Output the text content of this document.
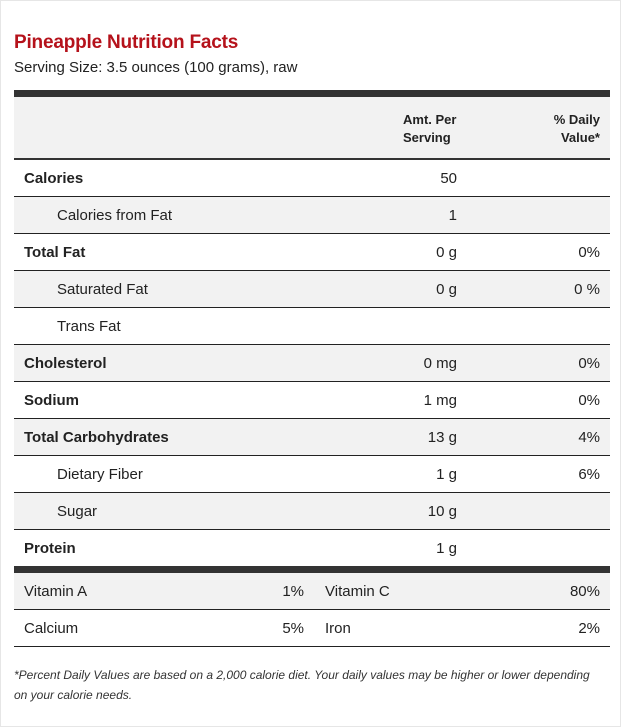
Pineapple Nutrition Facts
Serving Size: 3.5 ounces (100 grams), raw
Amt. Per
Serving
% Daily
Value*
Calories	50
Calories from Fat	1
Total Fat	0 g	0%
Saturated Fat	0 g	0 %
Trans Fat
Cholesterol	0 mg	0%
Sodium	1 mg	0%
Total Carbohydrates	13 g	4%
Dietary Fiber	1 g	6%
Sugar	10 g
Protein	1 g
Vitamin A	1% Vitamin C	80%
Calcium	5% Iron	2%
*Percent Daily Values are based on a 2,000 calorie diet. Your daily values may be higher or lower depending on your calorie needs.
